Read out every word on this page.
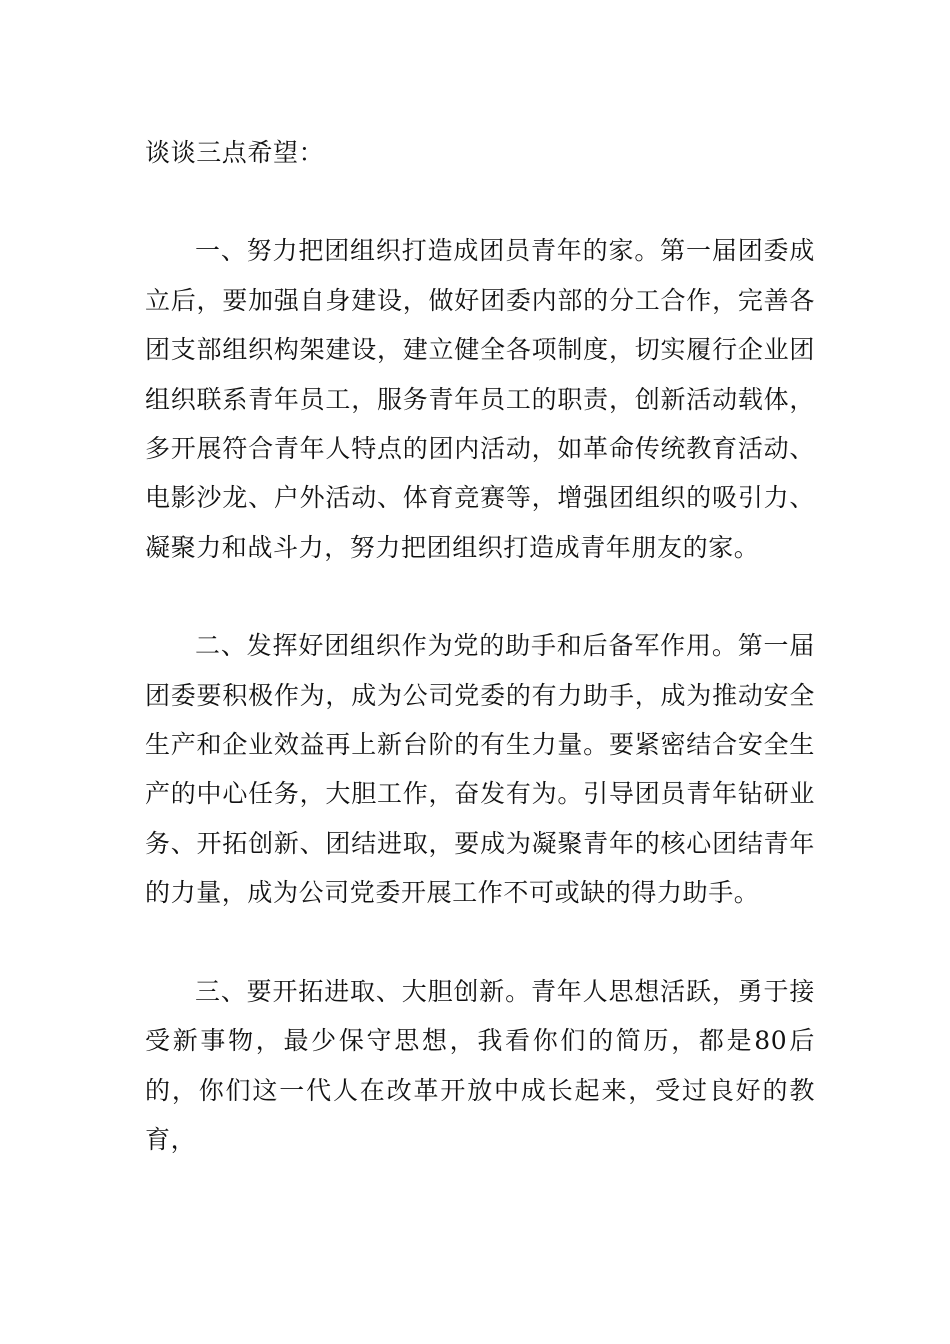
谈谈三点希望：

一、努力把团组织打造成团员青年的家。第一届团委成立后，要加强自身建设，做好团委内部的分工合作，完善各团支部组织构架建设，建立健全各项制度，切实履行企业团组织联系青年员工，服务青年员工的职责，创新活动载体，多开展符合青年人特点的团内活动，如革命传统教育活动、电影沙龙、户外活动、体育竞赛等，增强团组织的吸引力、凝聚力和战斗力，努力把团组织打造成青年朋友的家。

二、发挥好团组织作为党的助手和后备军作用。第一届团委要积极作为，成为公司党委的有力助手，成为推动安全生产和企业效益再上新台阶的有生力量。要紧密结合安全生产的中心任务，大胆工作，奋发有为。引导团员青年钻研业务、开拓创新、团结进取，要成为凝聚青年的核心团结青年的力量，成为公司党委开展工作不可或缺的得力助手。

三、要开拓进取、大胆创新。青年人思想活跃，勇于接受新事物，最少保守思想，我看你们的简历，都是80后的，你们这一代人在改革开放中成长起来，受过良好的教育，
